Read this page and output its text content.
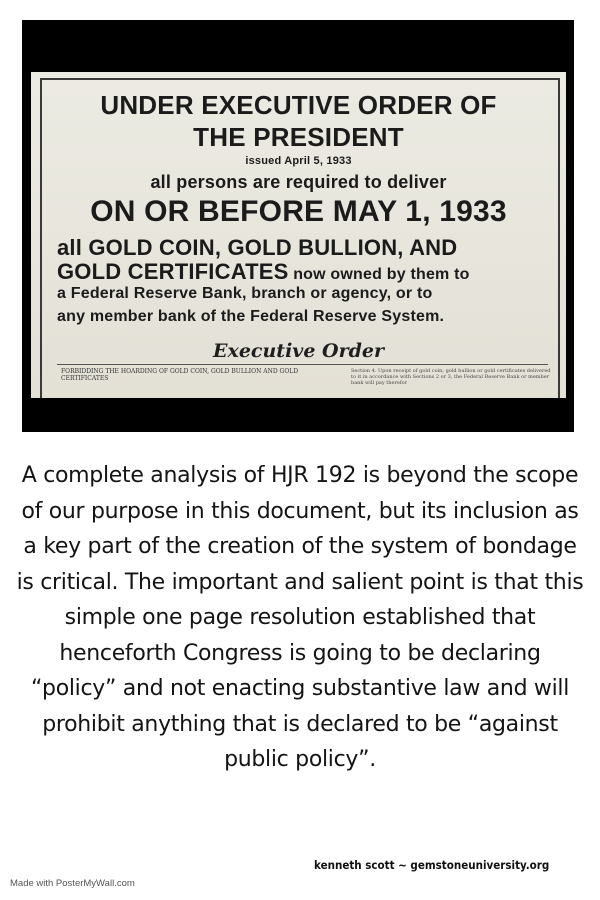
UNDER EXECUTIVE ORDER OF
THE PRESIDENT
issued April 5, 1933
all persons are required to deliver
ON OR BEFORE MAY 1, 1933
all GOLD COIN, GOLD BULLION, AND
GOLD CERTIFICATES now owned by them to
a Federal Reserve Bank, branch or agency, or to
any member bank of the Federal Reserve System.
Executive Order
FORBIDDING THE HOARDING OF GOLD COIN, GOLD BULLION AND GOLD CERTIFICATES
Section 4. Upon receipt of gold coin, gold bullion or gold certificates delivered to it in accordance with Sections 2 or 3, the Federal Reserve Bank or member bank will pay therefor
A complete analysis of HJR 192 is beyond the scope of our purpose in this document, but its inclusion as a key part of the creation of the system of bondage is critical. The important and salient point is that this simple one page resolution established that henceforth Congress is going to be declaring “policy” and not enacting substantive law and will prohibit anything that is declared to be “against public policy”.
kenneth scott ~ gemstoneuniversity.org
Made with PosterMyWall.com
